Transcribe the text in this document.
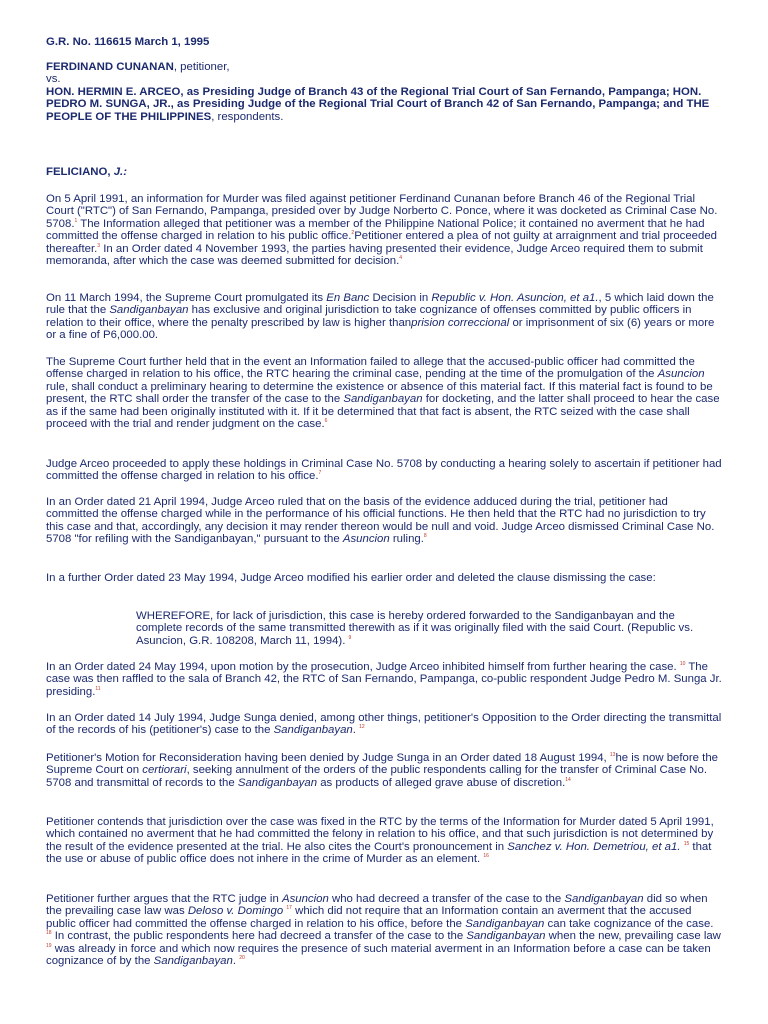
G.R. No. 116615 March 1, 1995

FERDINAND CUNANAN, petitioner,

vs.

HON. HERMIN E. ARCEO, as Presiding Judge of Branch 43 of the Regional Trial Court of San Fernando, Pampanga; HON. PEDRO M. SUNGA, JR., as Presiding Judge of the Regional Trial Court of Branch 42 of San Fernando, Pampanga; and THE PEOPLE OF THE PHILIPPINES, respondents.

FELICIANO, J.:

On 5 April 1991, an information for Murder was filed against petitioner Ferdinand Cunanan before Branch 46 of the Regional Trial Court ("RTC") of San Fernando, Pampanga, presided over by Judge Norberto C. Ponce, where it was docketed as Criminal Case No. 5708.$^1$ The Information alleged that petitioner was a member of the Philippine National Police; it contained no averment that he had committed the offense charged in relation to his public office.$^2$Petitioner entered a plea of not guilty at arraignment and trial proceeded thereafter.$^3$ In an Order dated 4 November 1993, the parties having presented their evidence, Judge Arceo required them to submit memoranda, after which the case was deemed submitted for decision.$^4$

On 11 March 1994, the Supreme Court promulgated its En Banc Decision in Republic v. Hon. Asuncion, et a1., 5 which laid down the rule that the Sandiganbayan has exclusive and original jurisdiction to take cognizance of offenses committed by public officers in relation to their office, where the penalty prescribed by law is higher thanprision correccional or imprisonment of six (6) years or more or a fine of P6,000.00.

The Supreme Court further held that in the event an Information failed to allege that the accused-public officer had committed the offense charged in relation to his office, the RTC hearing the criminal case, pending at the time of the promulgation of the Asuncion rule, shall conduct a preliminary hearing to determine the existence or absence of this material fact. If this material fact is found to be present, the RTC shall order the transfer of the case to the Sandiganbayan for docketing, and the latter shall proceed to hear the case as if the same had been originally instituted with it. If it be determined that that fact is absent, the RTC seized with the case shall proceed with the trial and render judgment on the case.$^6$

Judge Arceo proceeded to apply these holdings in Criminal Case No. 5708 by conducting a hearing solely to ascertain if petitioner had committed the offense charged in relation to his office.$^7$

In an Order dated 21 April 1994, Judge Arceo ruled that on the basis of the evidence adduced during the trial, petitioner had committed the offense charged while in the performance of his official functions. He then held that the RTC had no jurisdiction to try this case and that, accordingly, any decision it may render thereon would be null and void. Judge Arceo dismissed Criminal Case No. 5708 "for refiling with the Sandiganbayan," pursuant to the Asuncion ruling.$^8$

In a further Order dated 23 May 1994, Judge Arceo modified his earlier order and deleted the clause dismissing the case:

WHEREFORE, for lack of jurisdiction, this case is hereby ordered forwarded to the Sandiganbayan and the complete records of the same transmitted therewith as if it was originally filed with the said Court. (Republic vs. Asuncion, G.R. 108208, March 11, 1994). $^9$

In an Order dated 24 May 1994, upon motion by the prosecution, Judge Arceo inhibited himself from further hearing the case. $^{10}$ The case was then raffled to the sala of Branch 42, the RTC of San Fernando, Pampanga, co-public respondent Judge Pedro M. Sunga Jr. presiding.$^{11}$

In an Order dated 14 July 1994, Judge Sunga denied, among other things, petitioner's Opposition to the Order directing the transmittal of the records of his (petitioner's) case to the Sandiganbayan. $^{12}$

Petitioner's Motion for Reconsideration having been denied by Judge Sunga in an Order dated 18 August 1994, $^{13}$he is now before the Supreme Court on certiorari, seeking annulment of the orders of the public respondents calling for the transfer of Criminal Case No. 5708 and transmittal of records to the Sandiganbayan as products of alleged grave abuse of discretion.$^{14}$

Petitioner contends that jurisdiction over the case was fixed in the RTC by the terms of the Information for Murder dated 5 April 1991, which contained no averment that he had committed the felony in relation to his office, and that such jurisdiction is not determined by the result of the evidence presented at the trial. He also cites the Court's pronouncement in Sanchez v. Hon. Demetriou, et a1. $^{15}$ that the use or abuse of public office does not inhere in the crime of Murder as an element. $^{16}$

Petitioner further argues that the RTC judge in Asuncion who had decreed a transfer of the case to the Sandiganbayan did so when the prevailing case law was Deloso v. Domingo $^{17}$ which did not require that an Information contain an averment that the accused public officer had committed the offense charged in relation to his office, before the Sandiganbayan can take cognizance of the case. $^{18}$ In contrast, the public respondents here had decreed a transfer of the case to the Sandiganbayan when the new, prevailing case law $^{19}$ was already in force and which now requires the presence of such material averment in an Information before a case can be taken cognizance of by the Sandiganbayan. $^{20}$
